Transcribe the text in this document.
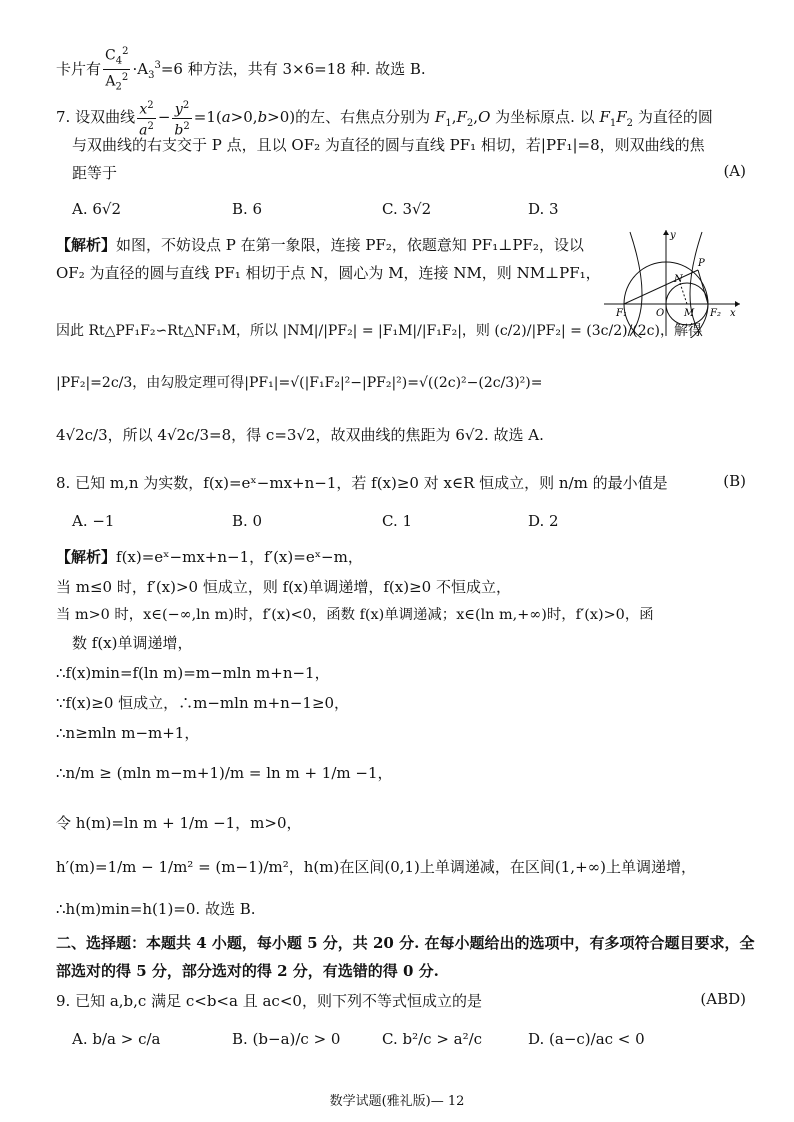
卡片有 $\frac{C_4^2}{A_2^2} \cdot A_3^3=6$ 种方法，共有 3×6=18 种. 故选 B.
7. 设双曲线 $\frac{x^2}{a^2} - \frac{y^2}{b^2} =1(a>0,b>0)$的左、右焦点分别为 $F_1,F_2,O$ 为坐标原点. 以 $F_1F_2$ 为直径的圆
与双曲线的右支交于 P 点，且以 OF₂ 为直径的圆与直线 PF₁ 相切，若|PF₁|=8，则双曲线的焦
距等于	(A)
A. 6√2	B. 6	C. 3√2	D. 3
【解析】如图，不妨设点 P 在第一象限，连接 PF₂，依题意知 PF₁⊥PF₂，设以
OF₂ 为直径的圆与直线 PF₁ 相切于点 N，圆心为 M，连接 NM，则 NM⊥PF₁，
因此 Rt△PF₁F₂∽Rt△NF₁M，所以 |NM|/|PF₂| = |F₁M|/|F₁F₂|，则 (c/2)/|PF₂| = (3c/2)/(2c)，解得
|PF₂|=2c/3，由勾股定理可得|PF₁|=√(|F₁F₂|²−|PF₂|²)=√((2c)²−(2c/3)²)=
4√2c/3，所以 4√2c/3=8，得 c=3√2，故双曲线的焦距为 6√2. 故选 A.
y
x
P
N
F₁	O M F₂
8. 已知 m,n 为实数，f(x)=eˣ−mx+n−1，若 f(x)≥0 对 x∈R 恒成立，则 n/m 的最小值是	(B)
A. −1	B. 0	C. 1	D. 2
【解析】f(x)=eˣ−mx+n−1，f′(x)=eˣ−m，
当 m≤0 时，f′(x)>0 恒成立，则 f(x)单调递增，f(x)≥0 不恒成立，
当 m>0 时，x∈(−∞,ln m)时，f′(x)<0，函数 f(x)单调递减；x∈(ln m,+∞)时，f′(x)>0，函
数 f(x)单调递增，
∴f(x)min=f(ln m)=m−mln m+n−1，
∵f(x)≥0 恒成立，∴m−mln m+n−1≥0，
∴n≥mln m−m+1，
∴n/m ≥ (mln m−m+1)/m = ln m + 1/m −1，
令 h(m)=ln m + 1/m −1，m>0，
h′(m)=1/m − 1/m² = (m−1)/m²，h(m)在区间(0,1)上单调递减，在区间(1,+∞)上单调递增，
∴h(m)min=h(1)=0. 故选 B.
二、选择题：本题共 4 小题，每小题 5 分，共 20 分. 在每小题给出的选项中，有多项符合题目要求，全
部选对的得 5 分，部分选对的得 2 分，有选错的得 0 分.
9. 已知 a,b,c 满足 c<b<a 且 ac<0，则下列不等式恒成立的是	(ABD)
A. b/a > c/a	B. (b−a)/c > 0	C. b²/c > a²/c	D. (a−c)/ac < 0
数学试题(雅礼版)— 12
